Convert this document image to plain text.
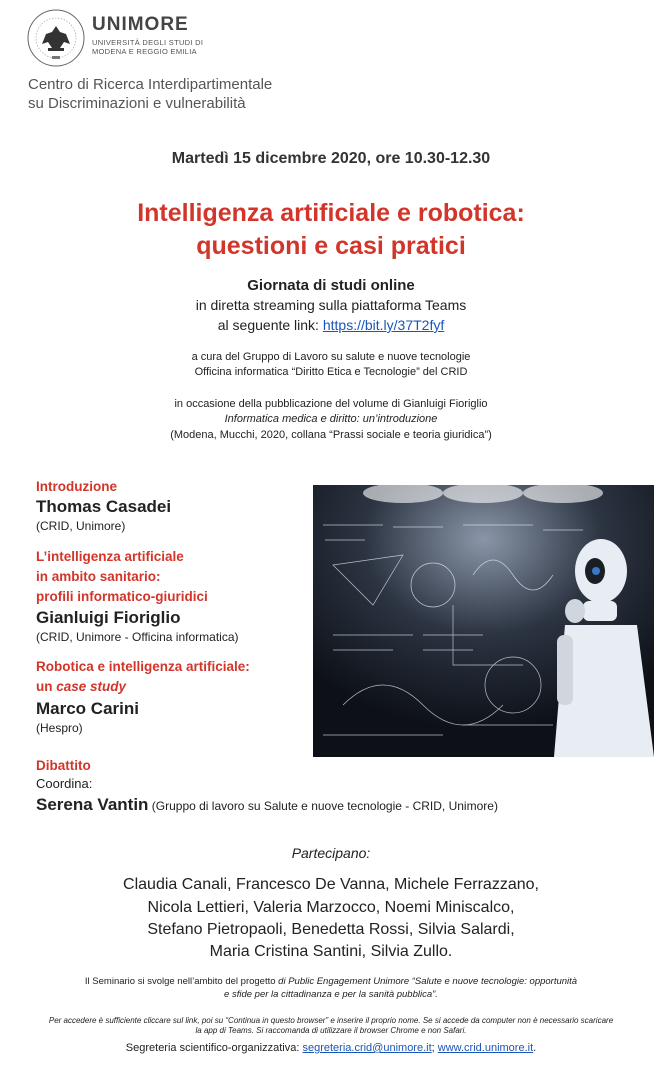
UNIMORE
UNIVERSITÀ DEGLI STUDI DI
MODENA E REGGIO EMILIA
Centro di Ricerca Interdipartimentale
su Discriminazioni e vulnerabilità
Martedì 15 dicembre 2020, ore 10.30-12.30
Intelligenza artificiale e robotica:
questioni e casi pratici
Giornata di studi online
in diretta streaming sulla piattaforma Teams
al seguente link: https://bit.ly/37T2fyf
a cura del Gruppo di Lavoro su salute e nuove tecnologie
Officina informatica “Diritto Etica e Tecnologie” del CRID
in occasione della pubblicazione del volume di Gianluigi Fioriglio
Informatica medica e diritto: un’introduzione
(Modena, Mucchi, 2020, collana “Prassi sociale e teoria giuridica”)
Introduzione
Thomas Casadei
(CRID, Unimore)
L’intelligenza artificiale
in ambito sanitario:
profili informatico-giuridici
Gianluigi Fioriglio
(CRID, Unimore - Officina informatica)
Robotica e intelligenza artificiale:
un case study
Marco Carini
(Hespro)
Dibattito
Coordina:
Serena Vantin (Gruppo di lavoro su Salute e nuove tecnologie - CRID, Unimore)
Partecipano:
Claudia Canali, Francesco De Vanna, Michele Ferrazzano,
Nicola Lettieri, Valeria Marzocco, Noemi Miniscalco,
Stefano Pietropaoli, Benedetta Rossi, Silvia Salardi,
Maria Cristina Santini, Silvia Zullo.
Il Seminario si svolge nell’ambito del progetto di Public Engagement Unimore “Salute e nuove tecnologie: opportunità
e sfide per la cittadinanza e per la sanità pubblica”.
Per accedere è sufficiente cliccare sul link, poi su “Continua in questo browser” e inserire il proprio nome. Se si accede da computer non è necessario scaricare
la app di Teams. Si raccomanda di utilizzare il browser Chrome e non Safari.
Segreteria scientifico-organizzativa: segreteria.crid@unimore.it; www.crid.unimore.it.
